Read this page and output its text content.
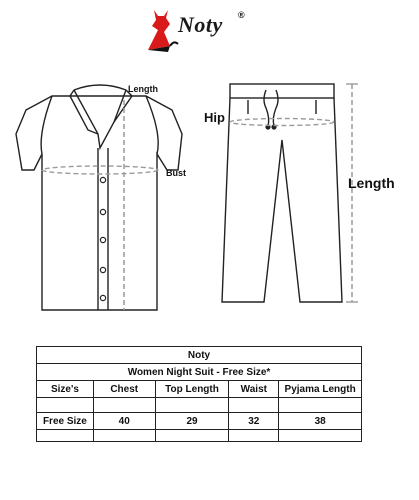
Noty ®
Length
Bust
Hip
Length
Noty				
Women Night Suit - Free Size*				
Size's	Chest	Top Length	Waist	Pyjama Length

Free Size	40	29	32	38
